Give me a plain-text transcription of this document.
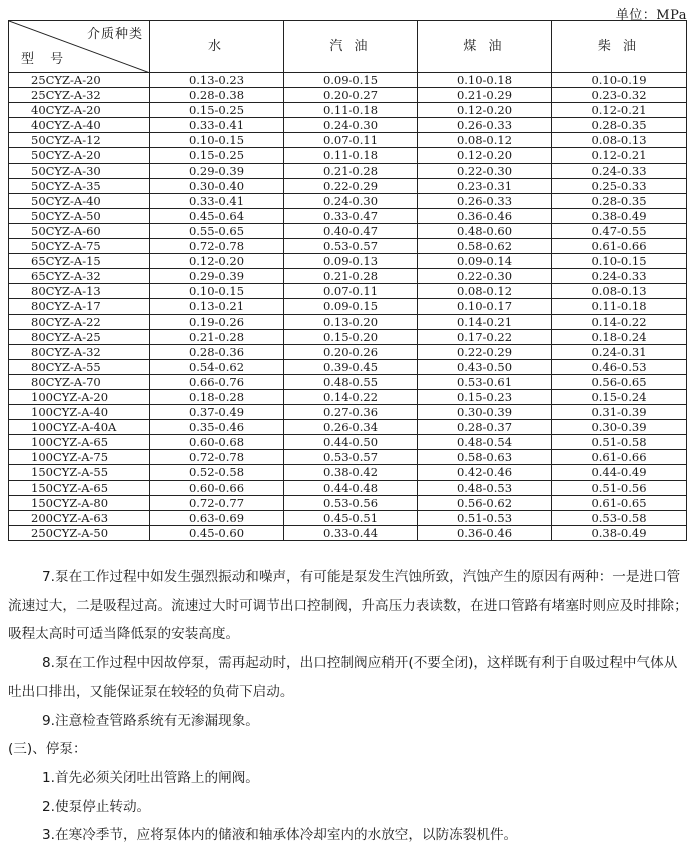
单位：MPa
介质种类
型 号	水	汽 油	煤 油	柴 油
25CYZ-A-20	0.13-0.23	0.09-0.15	0.10-0.18	0.10-0.19
25CYZ-A-32	0.28-0.38	0.20-0.27	0.21-0.29	0.23-0.32
40CYZ-A-20	0.15-0.25	0.11-0.18	0.12-0.20	0.12-0.21
40CYZ-A-40	0.33-0.41	0.24-0.30	0.26-0.33	0.28-0.35
50CYZ-A-12	0.10-0.15	0.07-0.11	0.08-0.12	0.08-0.13
50CYZ-A-20	0.15-0.25	0.11-0.18	0.12-0.20	0.12-0.21
50CYZ-A-30	0.29-0.39	0.21-0.28	0.22-0.30	0.24-0.33
50CYZ-A-35	0.30-0.40	0.22-0.29	0.23-0.31	0.25-0.33
50CYZ-A-40	0.33-0.41	0.24-0.30	0.26-0.33	0.28-0.35
50CYZ-A-50	0.45-0.64	0.33-0.47	0.36-0.46	0.38-0.49
50CYZ-A-60	0.55-0.65	0.40-0.47	0.48-0.60	0.47-0.55
50CYZ-A-75	0.72-0.78	0.53-0.57	0.58-0.62	0.61-0.66
65CYZ-A-15	0.12-0.20	0.09-0.13	0.09-0.14	0.10-0.15
65CYZ-A-32	0.29-0.39	0.21-0.28	0.22-0.30	0.24-0.33
80CYZ-A-13	0.10-0.15	0.07-0.11	0.08-0.12	0.08-0.13
80CYZ-A-17	0.13-0.21	0.09-0.15	0.10-0.17	0.11-0.18
80CYZ-A-22	0.19-0.26	0.13-0.20	0.14-0.21	0.14-0.22
80CYZ-A-25	0.21-0.28	0.15-0.20	0.17-0.22	0.18-0.24
80CYZ-A-32	0.28-0.36	0.20-0.26	0.22-0.29	0.24-0.31
80CYZ-A-55	0.54-0.62	0.39-0.45	0.43-0.50	0.46-0.53
80CYZ-A-70	0.66-0.76	0.48-0.55	0.53-0.61	0.56-0.65
100CYZ-A-20	0.18-0.28	0.14-0.22	0.15-0.23	0.15-0.24
100CYZ-A-40	0.37-0.49	0.27-0.36	0.30-0.39	0.31-0.39
100CYZ-A-40A	0.35-0.46	0.26-0.34	0.28-0.37	0.30-0.39
100CYZ-A-65	0.60-0.68	0.44-0.50	0.48-0.54	0.51-0.58
100CYZ-A-75	0.72-0.78	0.53-0.57	0.58-0.63	0.61-0.66
150CYZ-A-55	0.52-0.58	0.38-0.42	0.42-0.46	0.44-0.49
150CYZ-A-65	0.60-0.66	0.44-0.48	0.48-0.53	0.51-0.56
150CYZ-A-80	0.72-0.77	0.53-0.56	0.56-0.62	0.61-0.65
200CYZ-A-63	0.63-0.69	0.45-0.51	0.51-0.53	0.53-0.58
250CYZ-A-50	0.45-0.60	0.33-0.44	0.36-0.46	0.38-0.49

7.泵在工作过程中如发生强烈振动和噪声，有可能是泵发生汽蚀所致，汽蚀产生的原因有两种：一是进口管流速过大，二是吸程过高。流速过大时可调节出口控制阀，升高压力表读数，在进口管路有堵塞时则应及时排除；吸程太高时可适当降低泵的安装高度。

8.泵在工作过程中因故停泵，需再起动时，出口控制阀应稍开(不要全闭)，这样既有利于自吸过程中气体从吐出口排出，又能保证泵在较轻的负荷下启动。

9.注意检查管路系统有无渗漏现象。

(三)、停泵：

1.首先必须关闭吐出管路上的闸阀。

2.使泵停止转动。

3.在寒冷季节，应将泵体内的储液和轴承体冷却室内的水放空，以防冻裂机件。
